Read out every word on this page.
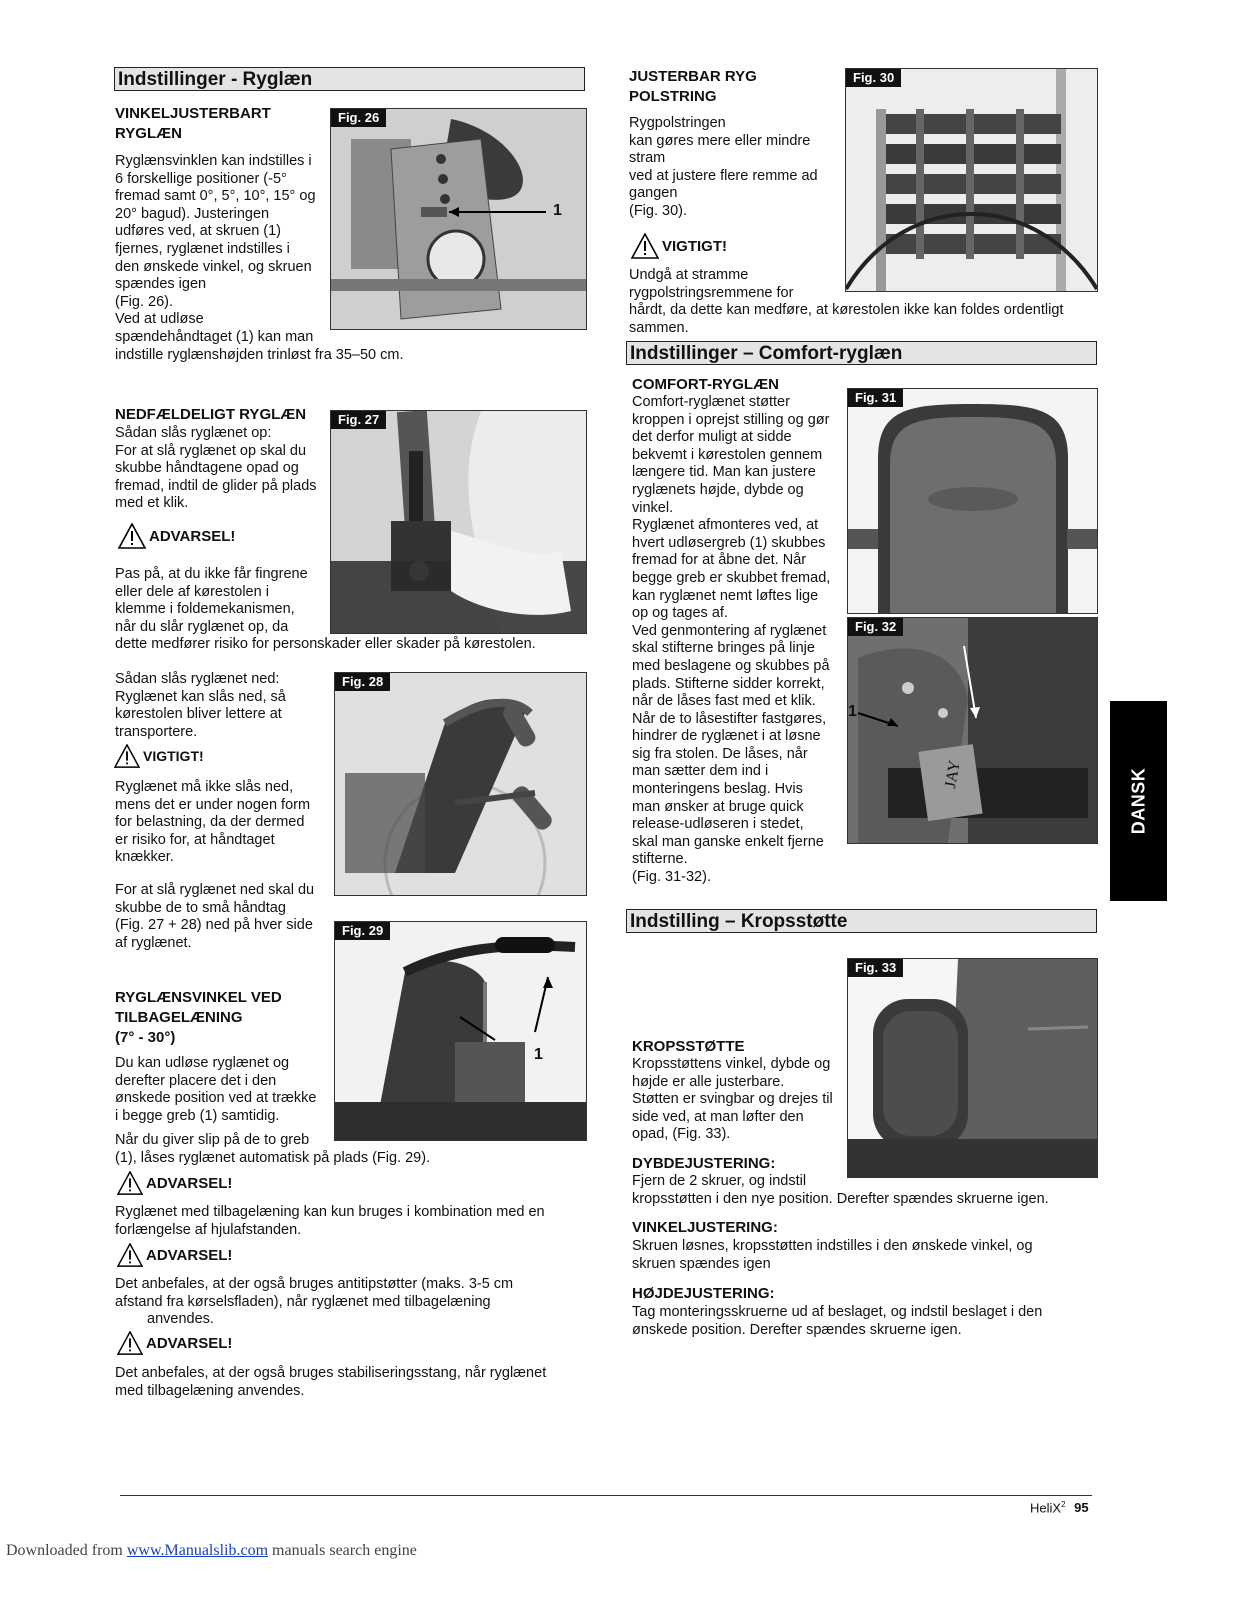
Indstillinger - Ryglæn
VINKELJUSTERBART
RYGLÆN
Ryglænsvinklen kan indstilles i
6 forskellige positioner (-5°
fremad samt 0°, 5°, 10°, 15° og
20° bagud). Justeringen
udføres ved, at skruen (1)
fjernes, ryglænet indstilles i
den ønskede vinkel, og skruen
spændes igen
(Fig. 26).
Ved at udløse
spændehåndtaget (1) kan man
indstille ryglænshøjden trinløst fra 35–50 cm.
Fig. 26
1
NEDFÆLDELIGT RYGLÆN
Sådan slås ryglænet op:
For at slå ryglænet op skal du
skubbe håndtagene opad og
fremad, indtil de glider på plads
med et klik.
ADVARSEL!
Pas på, at du ikke får fingrene
eller dele af kørestolen i
klemme i foldemekanismen,
når du slår ryglænet op, da
dette medfører risiko for personskader eller skader på kørestolen.
Fig. 27
Sådan slås ryglænet ned:
Ryglænet kan slås ned, så
kørestolen bliver lettere at
transportere.
VIGTIGT!
Ryglænet må ikke slås ned,
mens det er under nogen form
for belastning, da der dermed
er risiko for, at håndtaget
knækker.
For at slå ryglænet ned skal du
skubbe de to små håndtag
(Fig. 27 + 28) ned på hver side
af ryglænet.
Fig. 28
Fig. 29
1
RYGLÆNSVINKEL VED
TILBAGELÆNING
(7° - 30°)
Du kan udløse ryglænet og
derefter placere det i den
ønskede position ved at trække
i begge greb (1) samtidig.
Når du giver slip på de to greb
(1), låses ryglænet automatisk på plads (Fig. 29).
ADVARSEL!
Ryglænet med tilbagelæning kan kun bruges i kombination med en
forlængelse af hjulafstanden.
ADVARSEL!
Det anbefales, at der også bruges antitipstøtter (maks. 3-5 cm
afstand fra kørselsfladen), når ryglænet med tilbagelæning
anvendes.
ADVARSEL!
Det anbefales, at der også bruges stabiliseringsstang, når ryglænet
med tilbagelæning anvendes.
JUSTERBAR RYG
POLSTRING
Rygpolstringen
kan gøres mere eller mindre
stram
ved at justere flere remme ad
gangen
(Fig. 30).
VIGTIGT!
Undgå at stramme
rygpolstringsremmene for
hårdt, da dette kan medføre, at kørestolen ikke kan foldes ordentligt
sammen.
Fig. 30
Indstillinger – Comfort-ryglæn
COMFORT-RYGLÆN
Comfort-ryglænet støtter
kroppen i oprejst stilling og gør
det derfor muligt at sidde
bekvemt i kørestolen gennem
længere tid. Man kan justere
ryglænets højde, dybde og
vinkel.
Ryglænet afmonteres ved, at
hvert udløsergreb (1) skubbes
fremad for at åbne det. Når
begge greb er skubbet fremad,
kan ryglænet nemt løftes lige
op og tages af.
Ved genmontering af ryglænet
skal stifterne bringes på linje
med beslagene og skubbes på
plads. Stifterne sidder korrekt,
når de låses fast med et klik.
Når de to låsestifter fastgøres,
hindrer de ryglænet i at løsne
sig fra stolen. De låses, når
man sætter dem ind i
monteringens beslag. Hvis
man ønsker at bruge quick
release-udløseren i stedet,
skal man ganske enkelt fjerne
stifterne.
(Fig. 31-32).
Fig. 31
Fig. 32
JAY
1
Indstilling – Kropsstøtte
Fig. 33
KROPSSTØTTE
Kropsstøttens vinkel, dybde og
højde er alle justerbare.
Støtten er svingbar og drejes til
side ved, at man løfter den
opad, (Fig. 33).
DYBDEJUSTERING:
Fjern de 2 skruer, og indstil
kropsstøtten i den nye position. Derefter spændes skruerne igen.
VINKELJUSTERING:
Skruen løsnes, kropsstøtten indstilles i den ønskede vinkel, og
skruen spændes igen
HØJDEJUSTERING:
Tag monteringsskruerne ud af beslaget, og indstil beslaget i den
ønskede position. Derefter spændes skruerne igen.
DANSK
HeliX$^2$ 95
Downloaded from www.Manualslib.com manuals search engine
